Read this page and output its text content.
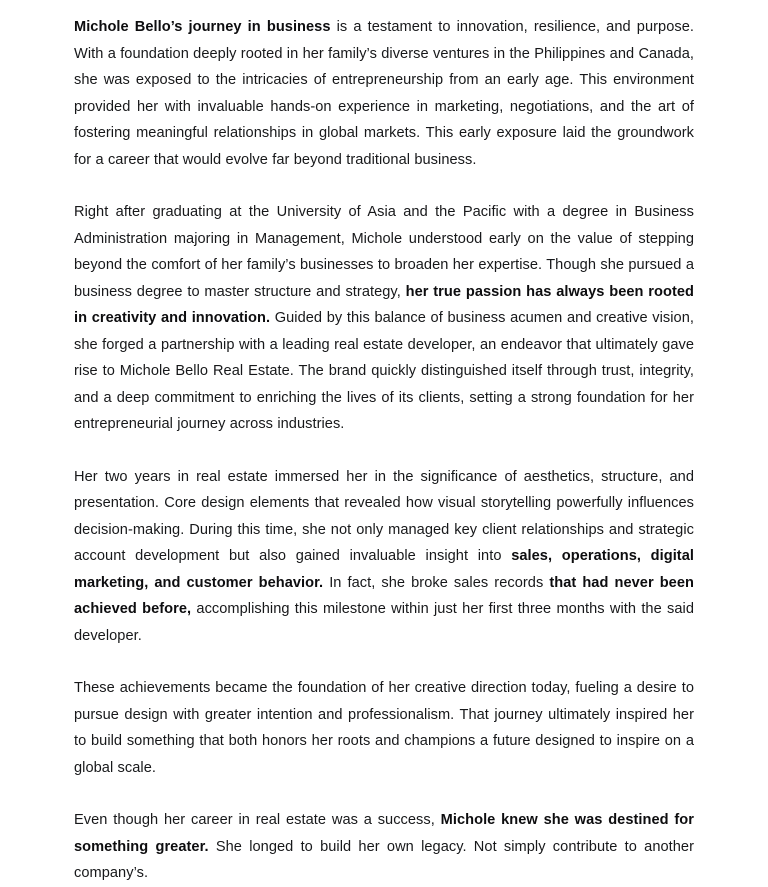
Michole Bello’s journey in business is a testament to innovation, resilience, and purpose. With a foundation deeply rooted in her family’s diverse ventures in the Philippines and Canada, she was exposed to the intricacies of entrepreneurship from an early age. This environment provided her with invaluable hands-on experience in marketing, negotiations, and the art of fostering meaningful relationships in global markets. This early exposure laid the groundwork for a career that would evolve far beyond traditional business.

Right after graduating at the University of Asia and the Pacific with a degree in Business Administration majoring in Management, Michole understood early on the value of stepping beyond the comfort of her family’s businesses to broaden her expertise. Though she pursued a business degree to master structure and strategy, her true passion has always been rooted in creativity and innovation. Guided by this balance of business acumen and creative vision, she forged a partnership with a leading real estate developer, an endeavor that ultimately gave rise to Michole Bello Real Estate. The brand quickly distinguished itself through trust, integrity, and a deep commitment to enriching the lives of its clients, setting a strong foundation for her entrepreneurial journey across industries.

Her two years in real estate immersed her in the significance of aesthetics, structure, and presentation. Core design elements that revealed how visual storytelling powerfully influences decision-making. During this time, she not only managed key client relationships and strategic account development but also gained invaluable insight into sales, operations, digital marketing, and customer behavior. In fact, she broke sales records that had never been achieved before, accomplishing this milestone within just her first three months with the said developer.

These achievements became the foundation of her creative direction today, fueling a desire to pursue design with greater intention and professionalism. That journey ultimately inspired her to build something that both honors her roots and champions a future designed to inspire on a global scale.

Even though her career in real estate was a success, Michole knew she was destined for something greater. She longed to build her own legacy. Not simply contribute to another company’s.
